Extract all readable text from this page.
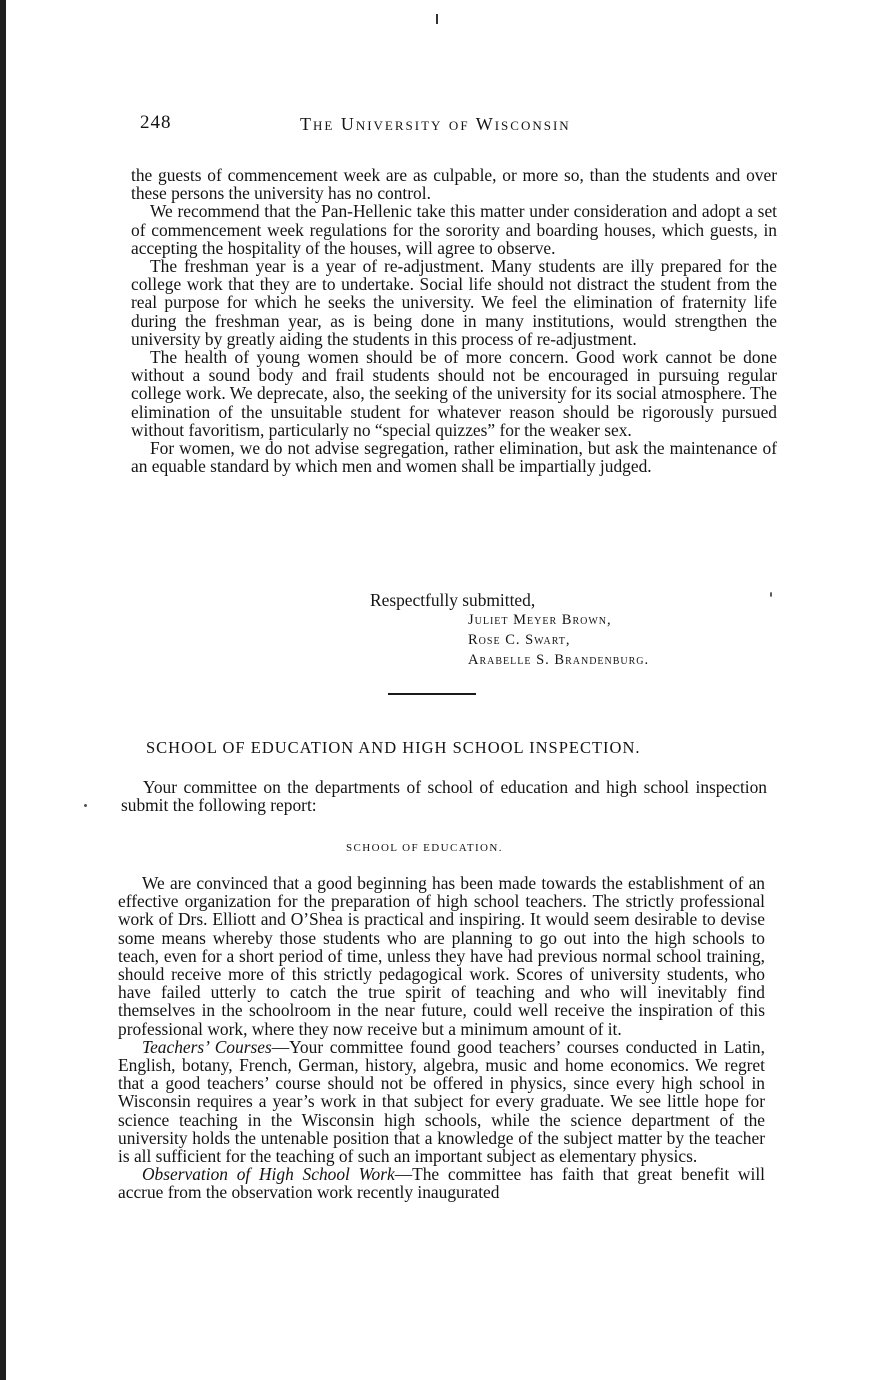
248	The University of Wisconsin

the guests of commencement week are as culpable, or more so, than the students and over these persons the university has no control.

We recommend that the Pan-Hellenic take this matter under consideration and adopt a set of commencement week regulations for the sorority and boarding houses, which guests, in accepting the hospitality of the houses, will agree to observe.

The freshman year is a year of re-adjustment. Many students are illy prepared for the college work that they are to undertake. Social life should not distract the student from the real purpose for which he seeks the university. We feel the elimination of fraternity life during the freshman year, as is being done in many institutions, would strengthen the university by greatly aiding the students in this process of re-adjustment.

The health of young women should be of more concern. Good work cannot be done without a sound body and frail students should not be encouraged in pursuing regular college work. We deprecate, also, the seeking of the university for its social atmosphere. The elimination of the unsuitable student for whatever reason should be rigorously pursued without favoritism, particularly no “special quizzes” for the weaker sex.

For women, we do not advise segregation, rather elimination, but ask the maintenance of an equable standard by which men and women shall be impartially judged.

Respectfully submitted,
Juliet Meyer Brown,
Rose C. Swart,
Arabelle S. Brandenburg.
SCHOOL OF EDUCATION AND HIGH SCHOOL INSPECTION.

Your committee on the departments of school of education and high school inspection submit the following report:

SCHOOL OF EDUCATION.

We are convinced that a good beginning has been made towards the establishment of an effective organization for the preparation of high school teachers. The strictly professional work of Drs. Elliott and O’Shea is practical and inspiring. It would seem desirable to devise some means whereby those students who are planning to go out into the high schools to teach, even for a short period of time, unless they have had previous normal school training, should receive more of this strictly pedagogical work. Scores of university students, who have failed utterly to catch the true spirit of teaching and who will inevitably find themselves in the schoolroom in the near future, could well receive the inspiration of this professional work, where they now receive but a minimum amount of it.

Teachers’ Courses—Your committee found good teachers’ courses conducted in Latin, English, botany, French, German, history, algebra, music and home economics. We regret that a good teachers’ course should not be offered in physics, since every high school in Wisconsin requires a year’s work in that subject for every graduate. We see little hope for science teaching in the Wisconsin high schools, while the science department of the university holds the untenable position that a knowledge of the subject matter by the teacher is all sufficient for the teaching of such an important subject as elementary physics.

Observation of High School Work—The committee has faith that great benefit will accrue from the observation work recently inaugurated
